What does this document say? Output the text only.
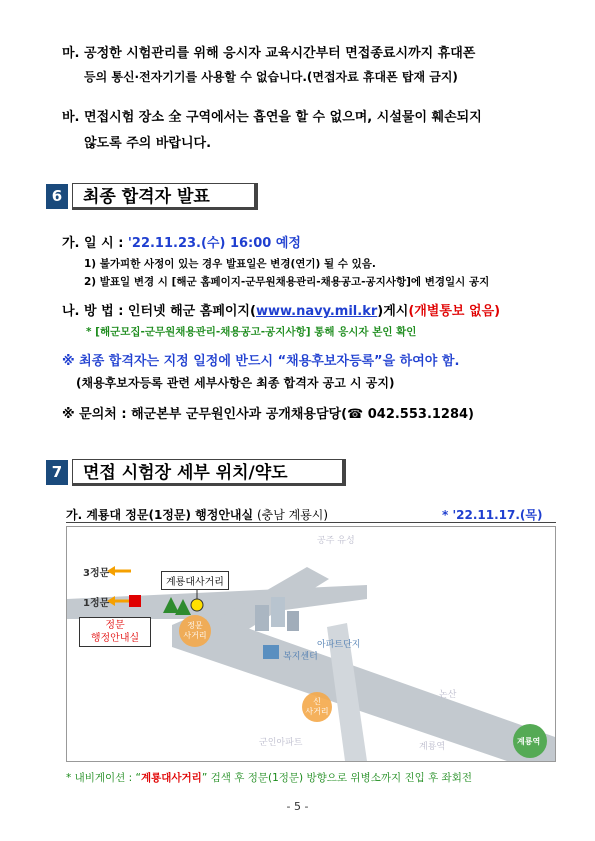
마. 공정한 시험관리를 위해 응시자 교육시간부터 면접종료시까지 휴대폰
등의 통신·전자기기를 사용할 수 없습니다.(면접자료 휴대폰 탑재 금지)
바. 면접시험 장소 全 구역에서는 흡연을 할 수 없으며, 시설물이 훼손되지
않도록 주의 바랍니다.
6	최종 합격자 발표
가. 일 시 : '22.11.23.(수) 16:00 예정
1) 불가피한 사정이 있는 경우 발표일은 변경(연기) 될 수 있음.
2) 발표일 변경 시 [해군 홈페이지-군무원채용관리-채용공고-공지사항]에 변경일시 공지
나. 방 법 : 인터넷 해군 홈페이지(www.navy.mil.kr)게시(개별통보 없음)
* [해군모집-군무원채용관리-채용공고-공지사항] 통해 응시자 본인 확인
※ 최종 합격자는 지정 일정에 반드시 “채용후보자등록”을 하여야 함.
(채용후보자등록 관련 세부사항은 최종 합격자 공고 시 공지)
※ 문의처 : 해군본부 군무원인사과 공개채용담당(☎ 042.553.1284)
7	면접 시험장 세부 위치/약도
가. 계룡대 정문(1정문) 행정안내실 (충남 계룡시)	* '22.11.17.(목)
3정문
1정문
계룡대사거리
정문
행정안내실
정문
사거리
신
사거리
아파트단지
복지센터
공주 유성
논산
군인아파트	계룡역
계룡역
* 내비게이션 : “계룡대사거리” 검색 후 정문(1정문) 방향으로 위병소까지 진입 후 좌회전
- 5 -
